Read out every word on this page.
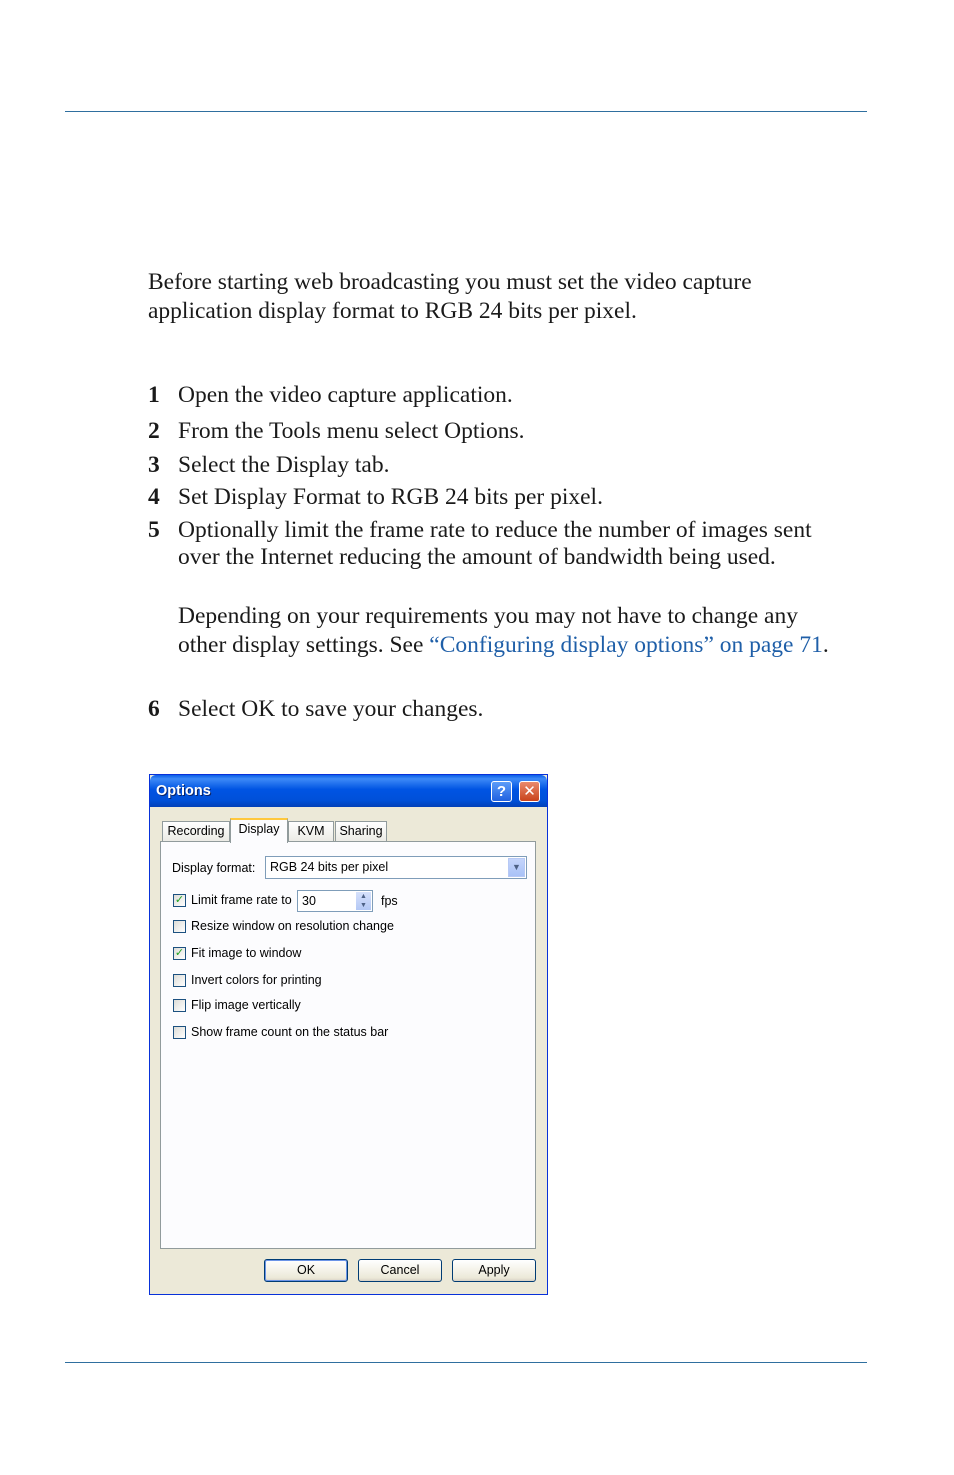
Before starting web broadcasting you must set the video capture application display format to RGB 24 bits per pixel.

1 Open the video capture application.
2 From the Tools menu select Options.
3 Select the Display tab.
4 Set Display Format to RGB 24 bits per pixel.
5 Optionally limit the frame rate to reduce the number of images sent over the Internet reducing the amount of bandwidth being used.
Depending on your requirements you may not have to change any other display settings. See “Configuring display options” on page 71.
6 Select OK to save your changes.
Options	?	✕
Recording	Display	KVM	Sharing
Display format: RGB 24 bits per pixel	▼
✓ Limit frame rate to 30	▲
▼	fps
Resize window on resolution change
✓ Fit image to window
Invert colors for printing
Flip image vertically
Show frame count on the status bar
OK	Cancel	Apply
